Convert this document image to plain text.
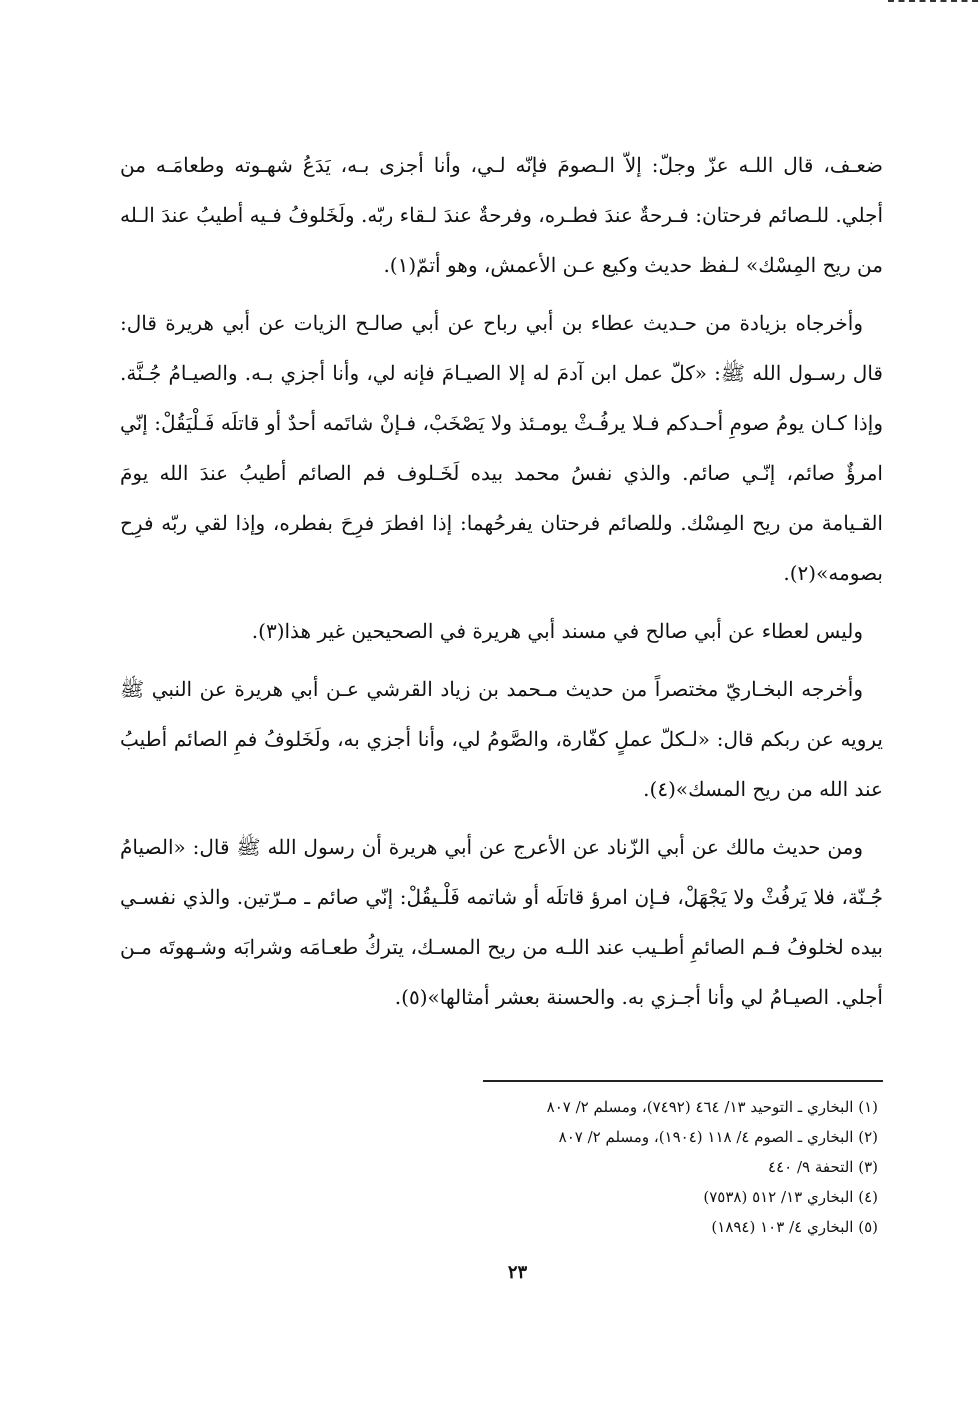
ضعـف، قال اللـه عزّ وجلّ: إلاّ الـصومَ فإنّه لـي، وأنا أجزى بـه، يَدَعُ شهـوته وطعامَـه من أجلي. للـصائم فرحتان: فـرحةٌ عندَ فطـره، وفرحةٌ عندَ لـقاء ربّه. ولَخَلوفُ فـيه أطيبُ عندَ الـله من ريح المِسْك» لـفظ حديث وكيع عـن الأعمش، وهو أتمّ(١).

وأخرجاه بزيادة من حـديث عطاء بن أبي رباح عن أبي صالـح الزيات عن أبي هريرة قال: قال رسـول الله ﷺ: «كلّ عمل ابن آدمَ له إلا الصيـامَ فإنه لي، وأنا أجزي بـه. والصيـامُ جُـنَّة. وإذا كـان يومُ صومِ أحـدكم فـلا يرفُـثْ يومـئذ ولا يَصْخَبْ، فـإنْ شاتَمه أحدٌ أو قاتلَه فَـلْيَقُلْ: إنّي امرؤٌ صائم، إنّـي صائم. والذي نفسُ محمد بيده لَخَـلوف فم الصائم أطيبُ عندَ الله يومَ القـيامة من ريح المِسْك. وللصائم فرحتان يفرحُهما: إذا افطرَ فرِحَ بفطره، وإذا لقي ربّه فرِح بصومه»(٢).

وليس لعطاء عن أبي صالح في مسند أبي هريرة في الصحيحين غير هذا(٣).

وأخرجه البخـاريّ مختصراً من حديث مـحمد بن زياد القرشي عـن أبي هريرة عن النبي ﷺ يرويه عن ربكم قال: «لـكلّ عملٍ كفّارة، والصَّومُ لي، وأنا أجزي به، ولَخَلوفُ فمِ الصائم أطيبُ عند الله من ريح المسك»(٤).

ومن حديث مالك عن أبي الزّناد عن الأعرج عن أبي هريرة أن رسول الله ﷺ قال: «الصيامُ جُـنّة، فلا يَرفُثْ ولا يَجْهَلْ، فـإن امرؤ قاتلَه أو شاتمه فَلْـيقُلْ: إنّي صائم ـ مـرّتين. والذي نفسـي بيده لخلوفُ فـم الصائمِ أطـيب عند اللـه من ريح المسـك، يتركُ طعـامَه وشرابَه وشـهوتَه مـن أجلي. الصيـامُ لي وأنا أجـزي به. والحسنة بعشر أمثالها»(٥).

(١) البخاري ـ التوحيد ١٣/ ٤٦٤ (٧٤٩٢)، ومسلم ٢/ ٨٠٧
(٢) البخاري ـ الصوم ٤/ ١١٨ (١٩٠٤)، ومسلم ٢/ ٨٠٧
(٣) التحفة ٩/ ٤٤٠
(٤) البخاري ١٣/ ٥١٢ (٧٥٣٨)
(٥) البخاري ٤/ ١٠٣ (١٨٩٤)
٢٣
